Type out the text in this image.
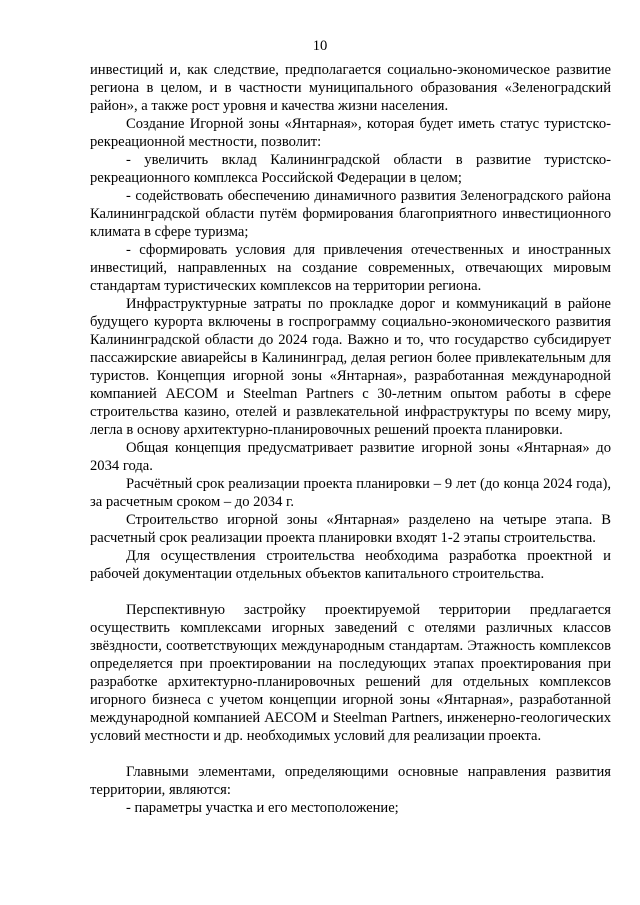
10

инвестиций и, как следствие, предполагается социально-экономическое развитие региона в целом, и в частности муниципального образования «Зеленоградский район», а также рост уровня и качества жизни населения.

Создание Игорной зоны «Янтарная», которая будет иметь статус туристско-рекреационной местности, позволит:

- увеличить вклад Калининградской области в развитие туристско-рекреационного комплекса Российской Федерации в целом;

- содействовать обеспечению динамичного развития Зеленоградского района Калининградской области путём формирования благоприятного инвестиционного климата в сфере туризма;

- сформировать условия для привлечения отечественных и иностранных инвестиций, направленных на создание современных, отвечающих мировым стандартам туристических комплексов на территории региона.

Инфраструктурные затраты по прокладке дорог и коммуникаций в районе будущего курорта включены в госпрограмму социально-экономического развития Калининградской области до 2024 года. Важно и то, что государство субсидирует пассажирские авиарейсы в Калининград, делая регион более привлекательным для туристов. Концепция игорной зоны «Янтарная», разработанная международной компанией AECOM и Steelman Partners с 30-летним опытом работы в сфере строительства казино, отелей и развлекательной инфраструктуры по всему миру, легла в основу архитектурно-планировочных решений проекта планировки.

Общая концепция предусматривает развитие игорной зоны «Янтарная» до 2034 года.

Расчётный срок реализации проекта планировки – 9 лет (до конца 2024 года), за расчетным сроком – до 2034 г.

Строительство игорной зоны «Янтарная» разделено на четыре этапа. В расчетный срок реализации проекта планировки входят 1-2 этапы строительства.

Для осуществления строительства необходима разработка проектной и рабочей документации отдельных объектов капитального строительства.

Перспективную застройку проектируемой территории предлагается осуществить комплексами игорных заведений с отелями различных классов звёздности, соответствующих международным стандартам. Этажность комплексов определяется при проектировании на последующих этапах проектирования при разработке архитектурно-планировочных решений для отдельных комплексов игорного бизнеса с учетом концепции игорной зоны «Янтарная», разработанной международной компанией AECOM и Steelman Partners, инженерно-геологических условий местности и др. необходимых условий для реализации проекта.

Главными элементами, определяющими основные направления развития территории, являются:

- параметры участка и его местоположение;
